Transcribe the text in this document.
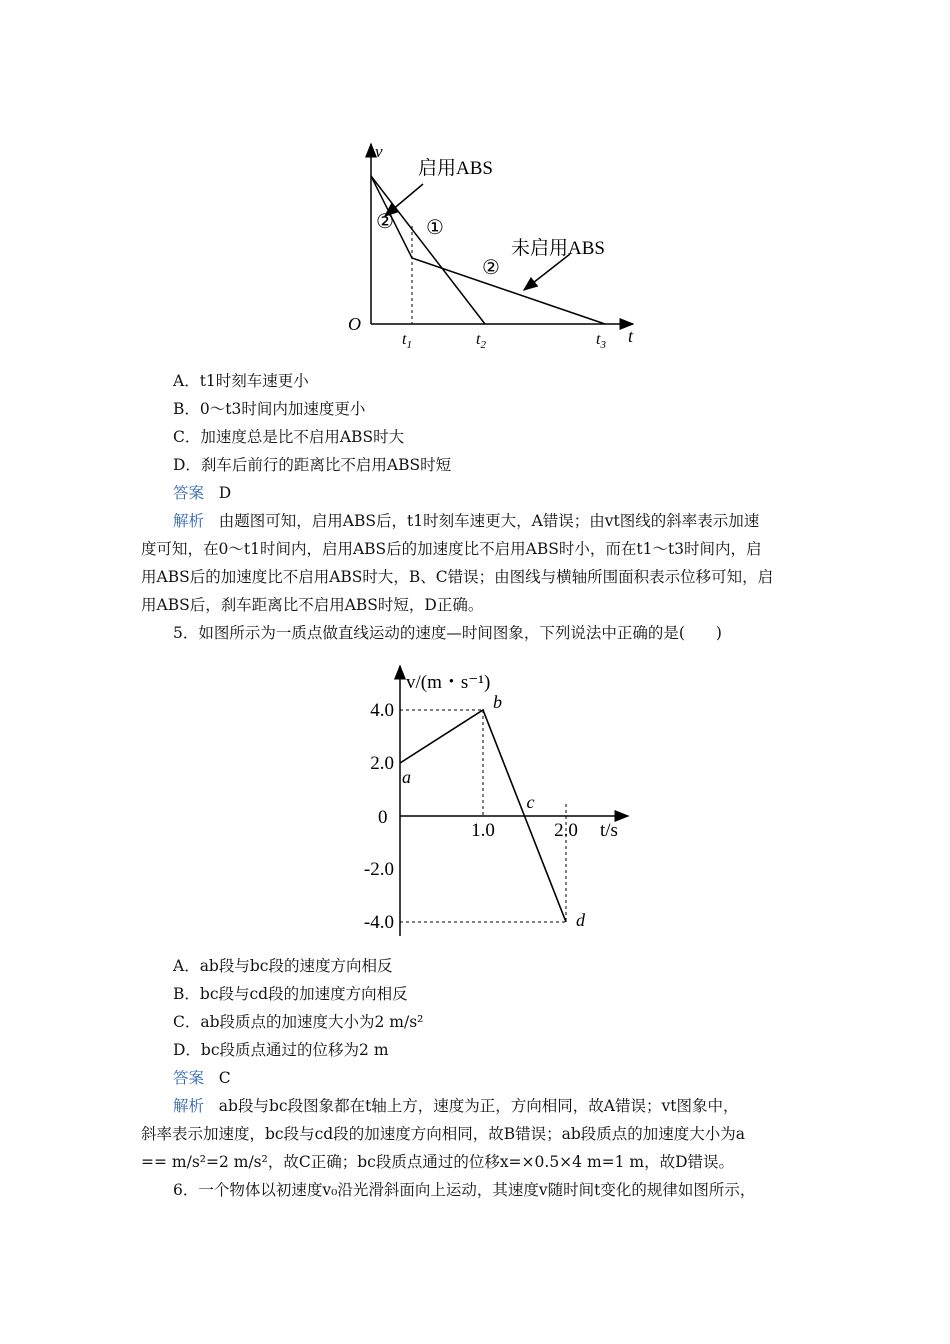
v
O
t
启用ABS
未启用ABS
①
②
②
$t_1$	$t_2$	$t_3$
A．t1时刻车速更小
B．0～t3时间内加速度更小
C．加速度总是比不启用ABS时大
D．刹车后前行的距离比不启用ABS时短
答案 D
解析 由题图可知，启用ABS后，t1时刻车速更大，A错误；由vt图线的斜率表示加速
度可知，在0～t1时间内，启用ABS后的加速度比不启用ABS时小，而在t1～t3时间内，启
用ABS后的加速度比不启用ABS时大，B、C错误；由图线与横轴所围面积表示位移可知，启
用ABS后，刹车距离比不启用ABS时短，D正确。
5．如图所示为一质点做直线运动的速度—时间图象，下列说法中正确的是(　　)
a
b
c
d
4.0
2.0
-2.0
-4.0
1.0	2.0
v/(m・s⁻¹)
t/s
0
A．ab段与bc段的速度方向相反
B．bc段与cd段的加速度方向相反
C．ab段质点的加速度大小为2 m/s²
D．bc段质点通过的位移为2 m
答案 C
解析 ab段与bc段图象都在t轴上方，速度为正，方向相同，故A错误；vt图象中，
斜率表示加速度，bc段与cd段的加速度方向相同，故B错误；ab段质点的加速度大小为a
== m/s²=2 m/s²，故C正确；bc段质点通过的位移x=×0.5×4 m=1 m，故D错误。
6．一个物体以初速度v₀沿光滑斜面向上运动，其速度v随时间t变化的规律如图所示，
